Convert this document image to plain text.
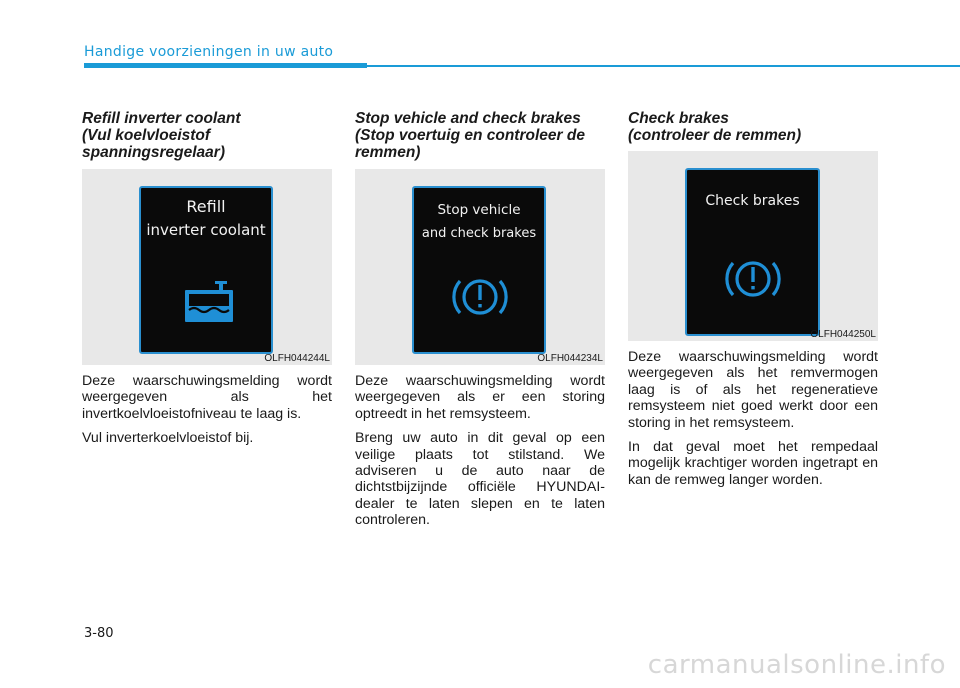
Handige voorzieningen in uw auto
Refill inverter coolant
(Vul koelvloeistof
spanningsregelaar)
Refill
inverter coolant
OLFH044244L

Deze waarschuwingsmelding wordt weergegeven als het invertkoelvloeistofniveau te laag is.

Vul inverterkoelvloeistof bij.

Stop vehicle and check brakes
(Stop voertuig en controleer de
remmen)
Stop vehicle
and check brakes
OLFH044234L

Deze waarschuwingsmelding wordt weergegeven als er een storing optreedt in het remsysteem.

Breng uw auto in dit geval op een veilige plaats tot stilstand. We adviseren u de auto naar de dichtstbijzijnde officiële HYUNDAI-dealer te laten slepen en te laten controleren.

Check brakes
(controleer de remmen)
Check brakes
OLFH044250L

Deze waarschuwingsmelding wordt weergegeven als het remvermogen laag is of als het regeneratieve remsysteem niet goed werkt door een storing in het remsysteem.

In dat geval moet het rempedaal mogelijk krachtiger worden ingetrapt en kan de remweg langer worden.

3-80
carmanualsonline.info
